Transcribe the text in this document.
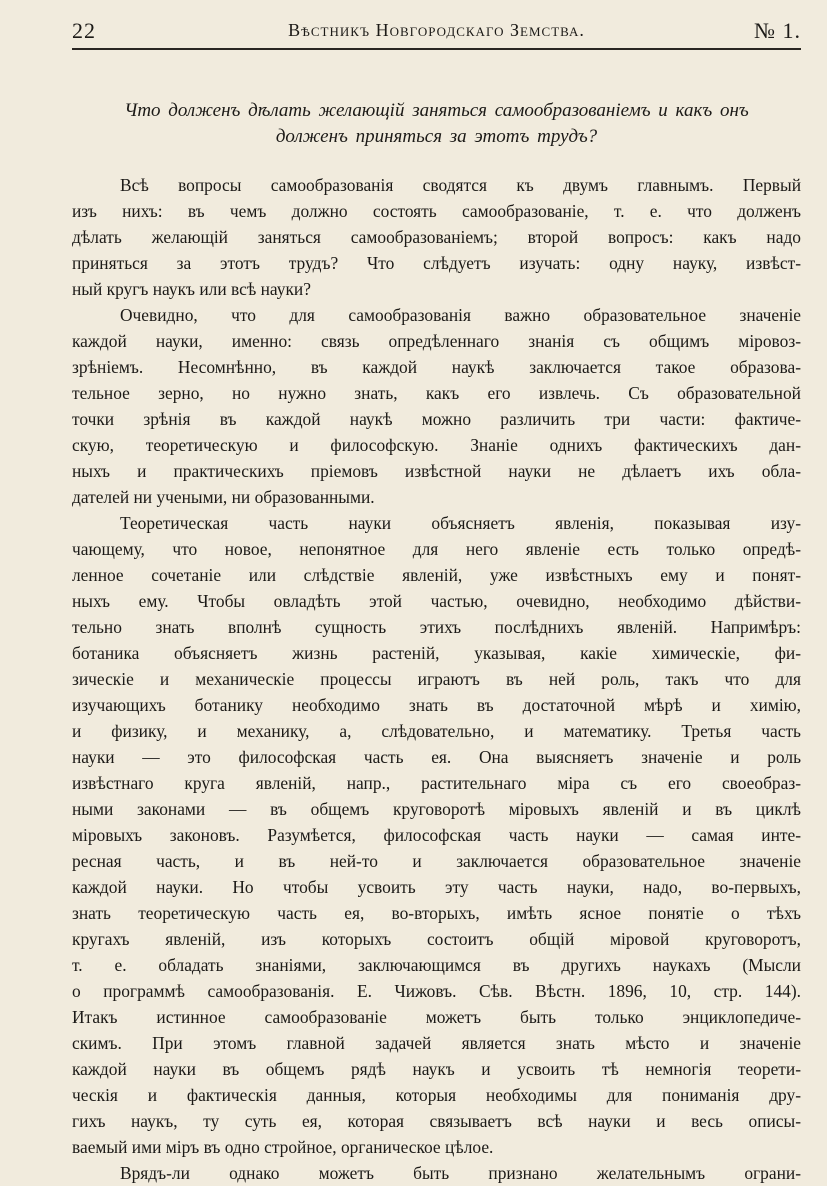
22	Вѣстникъ Новгородскаго Земства.	№ 1.
Что долженъ дѣлать желающій заняться самообразованіемъ и какъ онъ
долженъ приняться за этотъ трудъ?
Всѣ вопросы самообразованія сводятся къ двумъ главнымъ. Первый
изъ нихъ: въ чемъ должно состоять самообразованіе, т. е. что долженъ
дѣлать желающій заняться самообразованіемъ; второй вопросъ: какъ надо
приняться за этотъ трудъ? Что слѣдуетъ изучать: одну науку, извѣст-
ный кругъ наукъ или всѣ науки?
Очевидно, что для самообразованія важно образовательное значеніе
каждой науки, именно: связь опредѣленнаго знанія съ общимъ міровоз-
зрѣніемъ. Несомнѣнно, въ каждой наукѣ заключается такое образова-
тельное зерно, но нужно знать, какъ его извлечь. Съ образовательной
точки зрѣнія въ каждой наукѣ можно различить три части: фактиче-
скую, теоретическую и философскую. Знаніе однихъ фактическихъ дан-
ныхъ и практическихъ пріемовъ извѣстной науки не дѣлаетъ ихъ обла-
дателей ни учеными, ни образованными.
Теоретическая часть науки объясняетъ явленія, показывая изу-
чающему, что новое, непонятное для него явленіе есть только опредѣ-
ленное сочетаніе или слѣдствіе явленій, уже извѣстныхъ ему и понят-
ныхъ ему. Чтобы овладѣть этой частью, очевидно, необходимо дѣйстви-
тельно знать вполнѣ сущность этихъ послѣднихъ явленій. Напримѣръ:
ботаника объясняетъ жизнь растеній, указывая, какіе химическіе, фи-
зическіе и механическіе процессы играютъ въ ней роль, такъ что для
изучающихъ ботанику необходимо знать въ достаточной мѣрѣ и химію,
и физику, и механику, а, слѣдовательно, и математику. Третья часть
науки — это философская часть ея. Она выясняетъ значеніе и роль
извѣстнаго круга явленій, напр., растительнаго міра съ его своеобраз-
ными законами — въ общемъ круговоротѣ міровыхъ явленій и въ циклѣ
міровыхъ законовъ. Разумѣется, философская часть науки — самая инте-
ресная часть, и въ ней-то и заключается образовательное значеніе
каждой науки. Но чтобы усвоить эту часть науки, надо, во-первыхъ,
знать теоретическую часть ея, во-вторыхъ, имѣть ясное понятіе о тѣхъ
кругахъ явленій, изъ которыхъ состоитъ общій міровой круговоротъ,
т. е. обладать знаніями, заключающимся въ другихъ наукахъ (Мысли
о программѣ самообразованія. Е. Чижовъ. Сѣв. Вѣстн. 1896, 10, стр. 144).
Итакъ истинное самообразованіе можетъ быть только энциклопедиче-
скимъ. При этомъ главной задачей является знать мѣсто и значеніе
каждой науки въ общемъ рядѣ наукъ и усвоить тѣ немногія теорети-
ческія и фактическія данныя, которыя необходимы для пониманія дру-
гихъ наукъ, ту суть ея, которая связываетъ всѣ науки и весь описы-
ваемый ими міръ въ одно стройное, органическое цѣлое.
Врядъ-ли однако можетъ быть признано желательнымъ ограни-
